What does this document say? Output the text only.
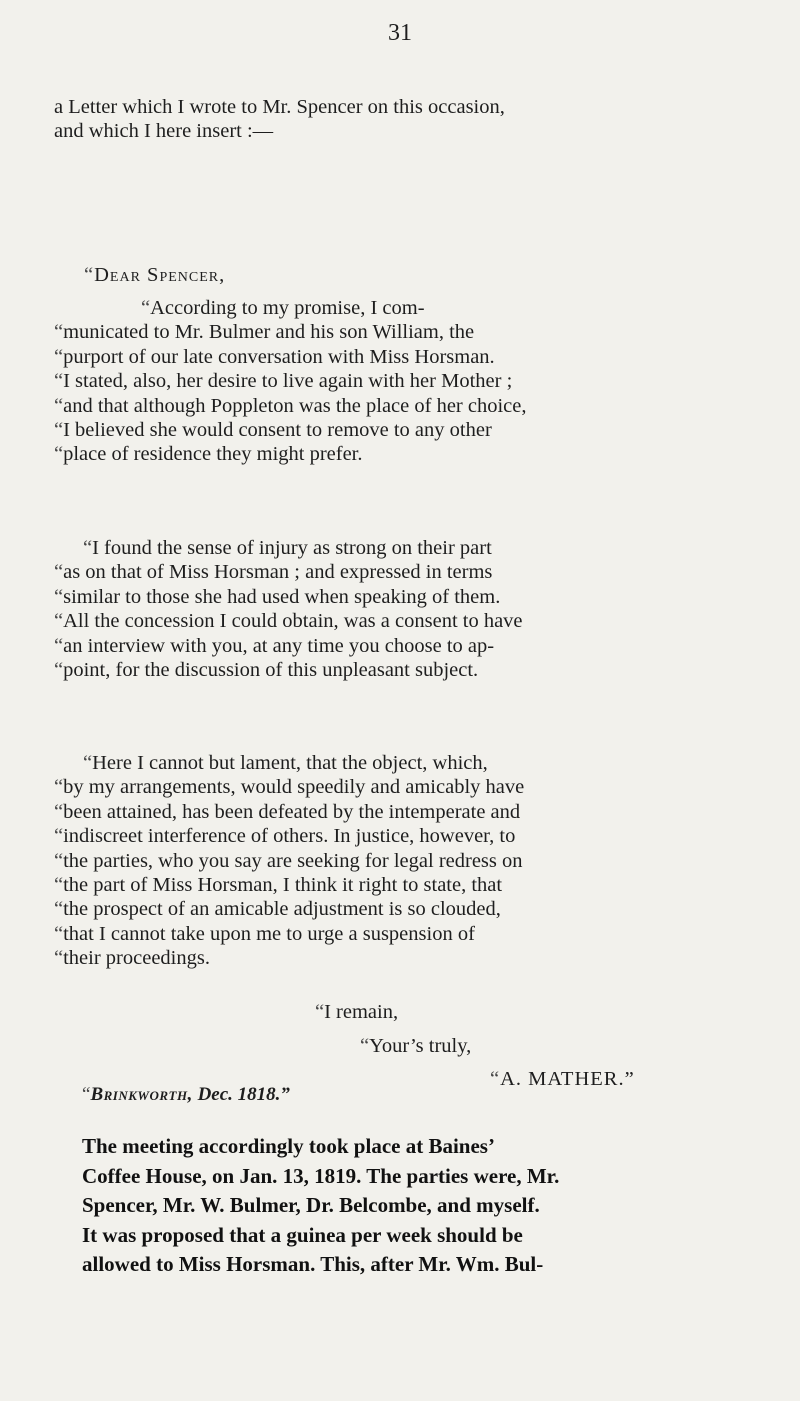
31
a Letter which I wrote to Mr. Spencer on this occasion,
and which I here insert :—
“Dear Spencer,
“According to my promise, I com-
“municated to Mr. Bulmer and his son William, the
“purport of our late conversation with Miss Horsman.
“I stated, also, her desire to live again with her Mother ;
“and that although Poppleton was the place of her choice,
“I believed she would consent to remove to any other
“place of residence they might prefer.
“I found the sense of injury as strong on their part
“as on that of Miss Horsman ; and expressed in terms
“similar to those she had used when speaking of them.
“All the concession I could obtain, was a consent to have
“an interview with you, at any time you choose to ap-
“point, for the discussion of this unpleasant subject.
“Here I cannot but lament, that the object, which,
“by my arrangements, would speedily and amicably have
“been attained, has been defeated by the intemperate and
“indiscreet interference of others. In justice, however, to
“the parties, who you say are seeking for legal redress on
“the part of Miss Horsman, I think it right to state, that
“the prospect of an amicable adjustment is so clouded,
“that I cannot take upon me to urge a suspension of
“their proceedings.
“I remain,
“Your’s truly,
“A. MATHER.”
“Brinkworth, Dec. 1818.”
The meeting accordingly took place at Baines’
Coffee House, on Jan. 13, 1819. The parties were, Mr.
Spencer, Mr. W. Bulmer, Dr. Belcombe, and myself.
It was proposed that a guinea per week should be
allowed to Miss Horsman. This, after Mr. Wm. Bul-
